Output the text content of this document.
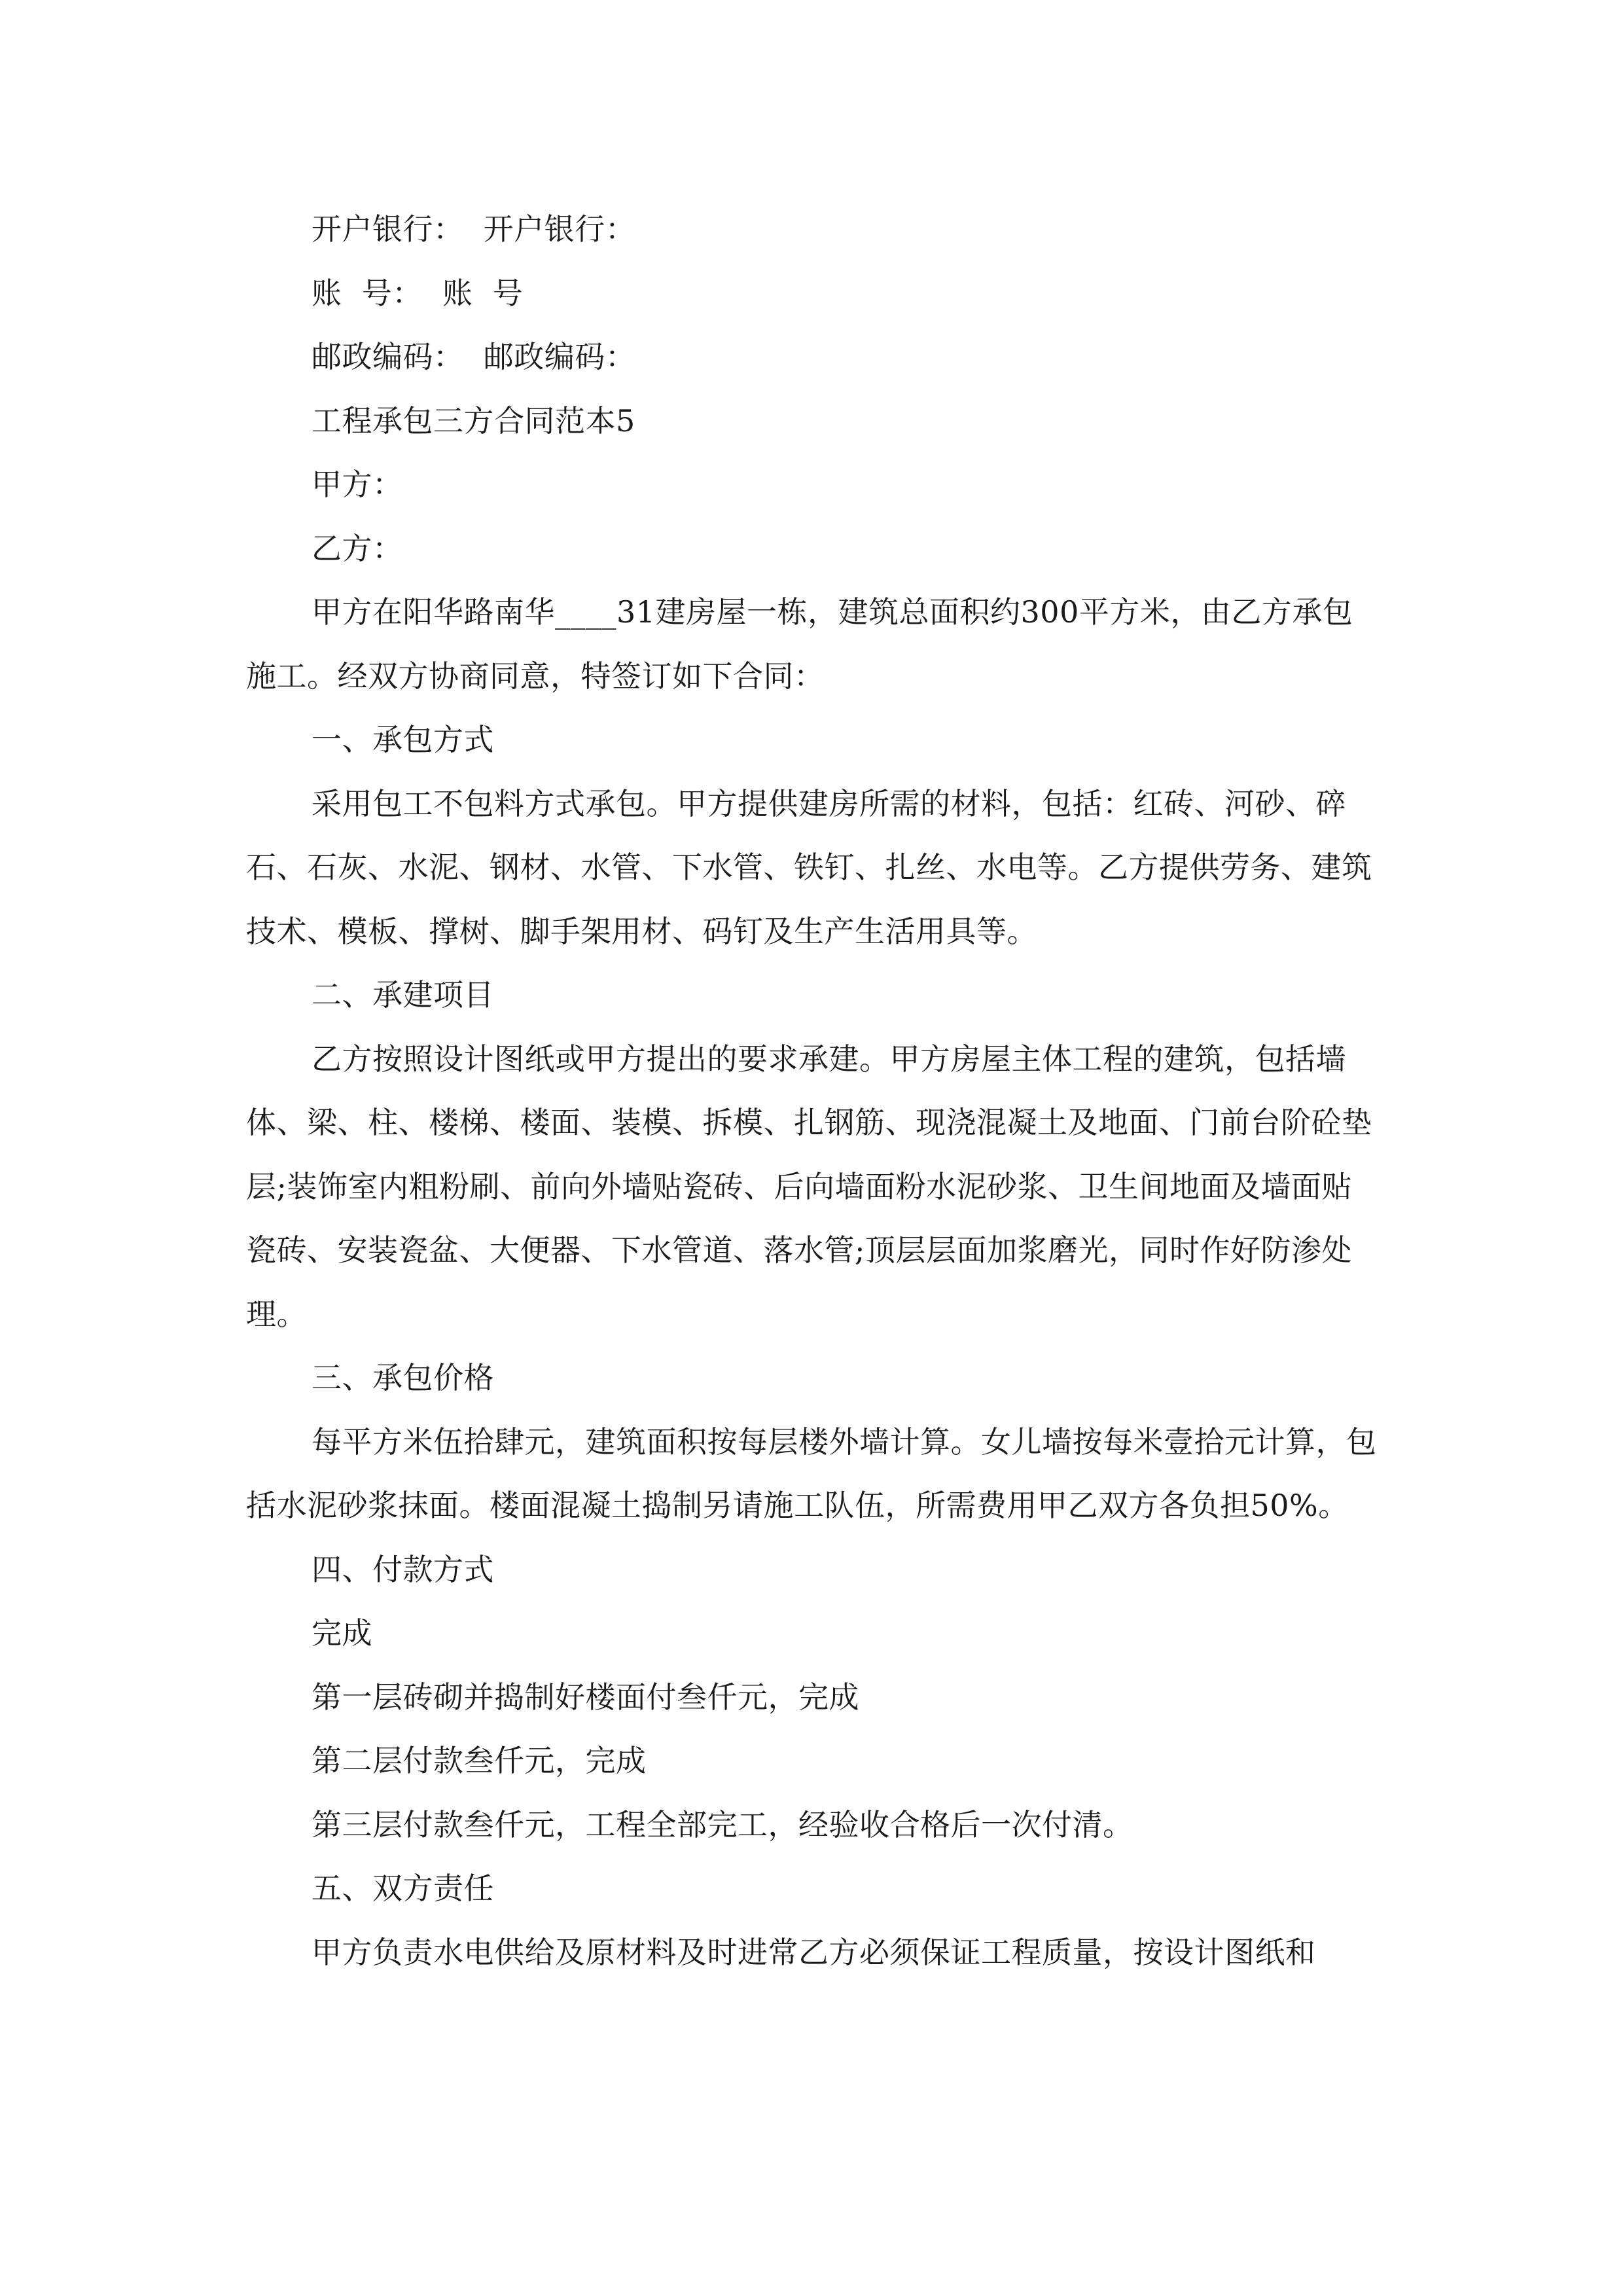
开户银行：  开户银行：

账  号：  账  号

邮政编码：  邮政编码：

工程承包三方合同范本5

甲方：

乙方：

甲方在阳华路南华____31建房屋一栋，建筑总面积约300平方米，由乙方承包施工。经双方协商同意，特签订如下合同：

一、承包方式

采用包工不包料方式承包。甲方提供建房所需的材料，包括：红砖、河砂、碎石、石灰、水泥、钢材、水管、下水管、铁钉、扎丝、水电等。乙方提供劳务、建筑技术、模板、撑树、脚手架用材、码钉及生产生活用具等。

二、承建项目

乙方按照设计图纸或甲方提出的要求承建。甲方房屋主体工程的建筑，包括墙体、梁、柱、楼梯、楼面、装模、拆模、扎钢筋、现浇混凝土及地面、门前台阶砼垫层;装饰室内粗粉刷、前向外墙贴瓷砖、后向墙面粉水泥砂浆、卫生间地面及墙面贴瓷砖、安装瓷盆、大便器、下水管道、落水管;顶层层面加浆磨光，同时作好防渗处理。

三、承包价格

每平方米伍拾肆元，建筑面积按每层楼外墙计算。女儿墙按每米壹拾元计算，包括水泥砂浆抹面。楼面混凝土捣制另请施工队伍，所需费用甲乙双方各负担50%。

四、付款方式

完成

第一层砖砌并捣制好楼面付叁仟元，完成

第二层付款叁仟元，完成

第三层付款叁仟元，工程全部完工，经验收合格后一次付清。

五、双方责任

甲方负责水电供给及原材料及时进常乙方必须保证工程质量，按设计图纸和
